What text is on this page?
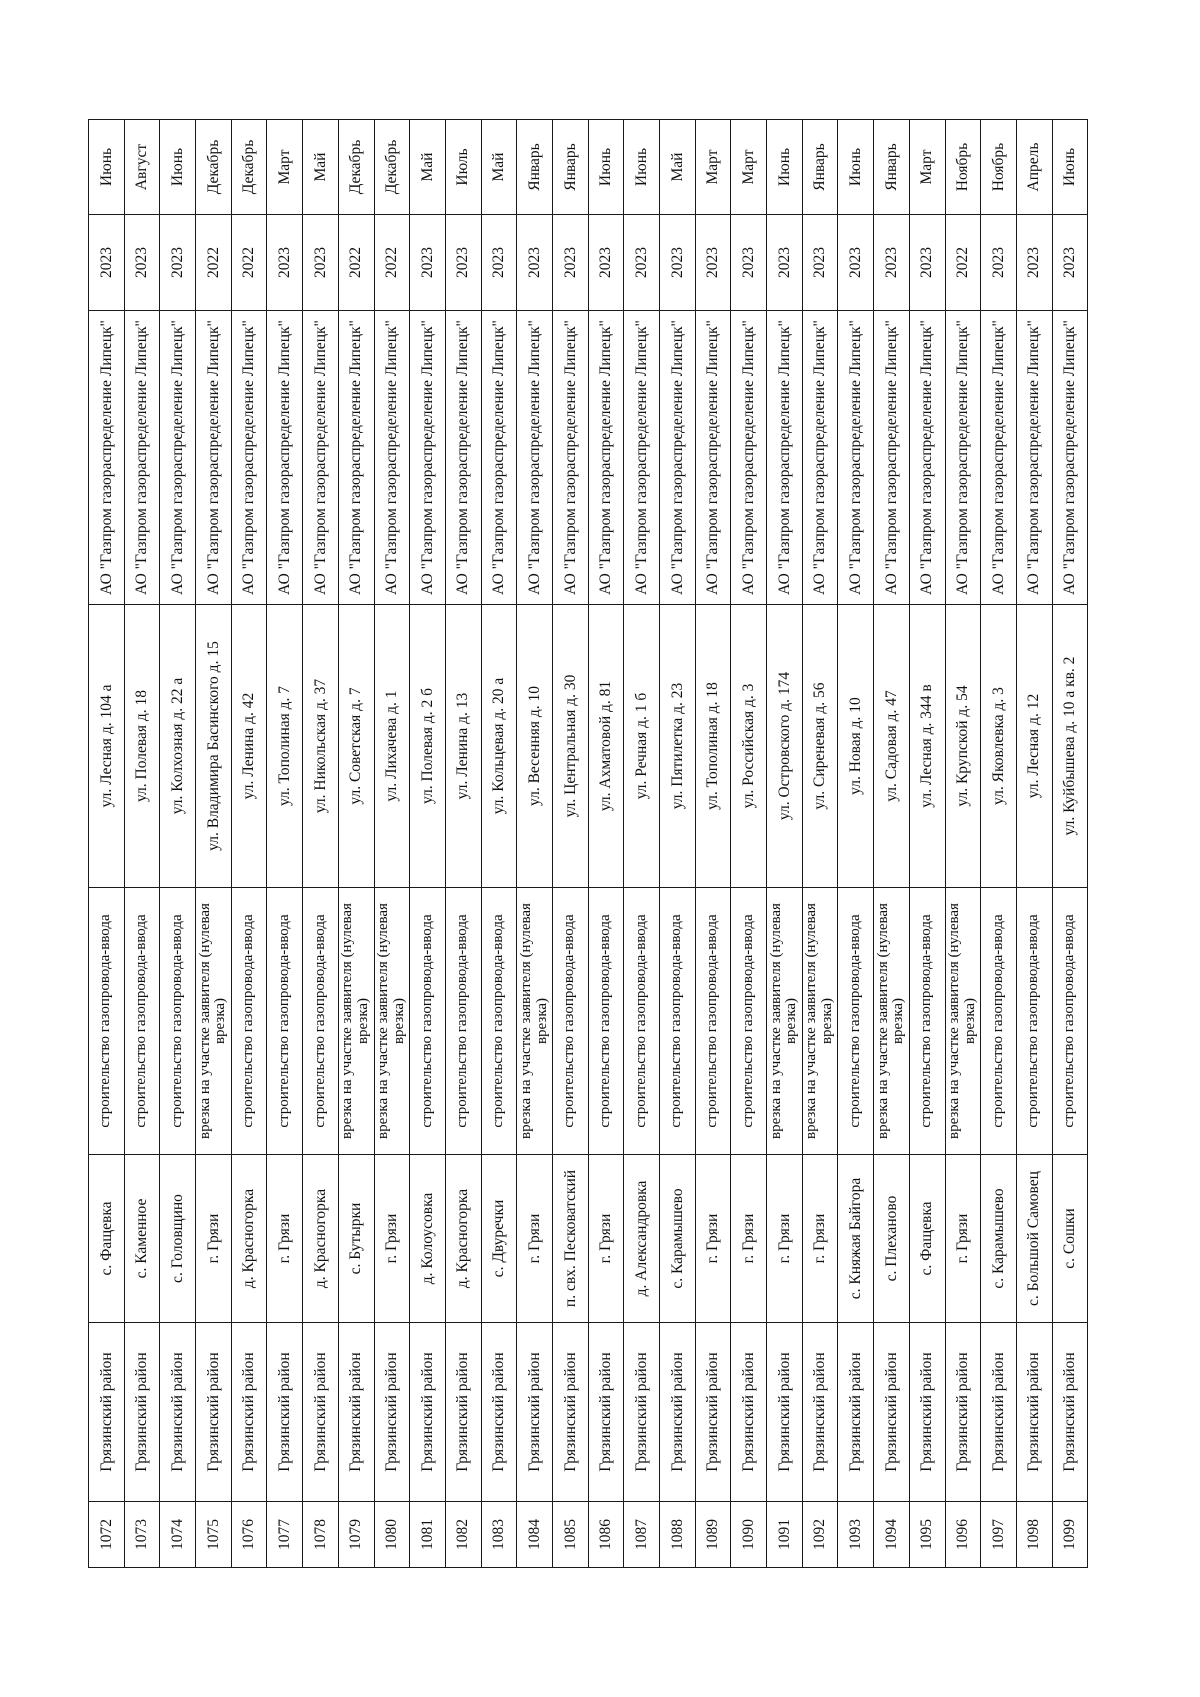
1072	Грязинский район	с. Фащевка	строительство газопровода-ввода	ул. Лесная д. 104 а	АО "Газпром газораспределение Липецк"	2023	Июнь
1073	Грязинский район	с. Каменное	строительство газопровода-ввода	ул. Полевая д. 18	АО "Газпром газораспределение Липецк"	2023	Август
1074	Грязинский район	с. Головщино	строительство газопровода-ввода	ул. Колхозная д. 22 а	АО "Газпром газораспределение Липецк"	2023	Июнь
1075	Грязинский район	г. Грязи	врезка на участке заявителя (нулевая врезка)	ул. Владимира Басинского д. 15	АО "Газпром газораспределение Липецк"	2022	Декабрь
1076	Грязинский район	д. Красногорка	строительство газопровода-ввода	ул. Ленина д. 42	АО "Газпром газораспределение Липецк"	2022	Декабрь
1077	Грязинский район	г. Грязи	строительство газопровода-ввода	ул. Тополиная д. 7	АО "Газпром газораспределение Липецк"	2023	Март
1078	Грязинский район	д. Красногорка	строительство газопровода-ввода	ул. Никольская д. 37	АО "Газпром газораспределение Липецк"	2023	Май
1079	Грязинский район	с. Бутырки	врезка на участке заявителя (нулевая врезка)	ул. Советская д. 7	АО "Газпром газораспределение Липецк"	2022	Декабрь
1080	Грязинский район	г. Грязи	врезка на участке заявителя (нулевая врезка)	ул. Лихачева д. 1	АО "Газпром газораспределение Липецк"	2022	Декабрь
1081	Грязинский район	д. Колоусовка	строительство газопровода-ввода	ул. Полевая д. 2 б	АО "Газпром газораспределение Липецк"	2023	Май
1082	Грязинский район	д. Красногорка	строительство газопровода-ввода	ул. Ленина д. 13	АО "Газпром газораспределение Липецк"	2023	Июль
1083	Грязинский район	с. Двуречки	строительство газопровода-ввода	ул. Кольцевая д. 20 а	АО "Газпром газораспределение Липецк"	2023	Май
1084	Грязинский район	г. Грязи	врезка на участке заявителя (нулевая врезка)	ул. Весенняя д. 10	АО "Газпром газораспределение Липецк"	2023	Январь
1085	Грязинский район	п. свх. Песковатский	строительство газопровода-ввода	ул. Центральная д. 30	АО "Газпром газораспределение Липецк"	2023	Январь
1086	Грязинский район	г. Грязи	строительство газопровода-ввода	ул. Ахматовой д. 81	АО "Газпром газораспределение Липецк"	2023	Июнь
1087	Грязинский район	д. Александровка	строительство газопровода-ввода	ул. Речная д. 1 б	АО "Газпром газораспределение Липецк"	2023	Июнь
1088	Грязинский район	с. Карамышево	строительство газопровода-ввода	ул. Пятилетка д. 23	АО "Газпром газораспределение Липецк"	2023	Май
1089	Грязинский район	г. Грязи	строительство газопровода-ввода	ул. Тополиная д. 18	АО "Газпром газораспределение Липецк"	2023	Март
1090	Грязинский район	г. Грязи	строительство газопровода-ввода	ул. Российская д. 3	АО "Газпром газораспределение Липецк"	2023	Март
1091	Грязинский район	г. Грязи	врезка на участке заявителя (нулевая врезка)	ул. Островского д. 174	АО "Газпром газораспределение Липецк"	2023	Июнь
1092	Грязинский район	г. Грязи	врезка на участке заявителя (нулевая врезка)	ул. Сиреневая д. 56	АО "Газпром газораспределение Липецк"	2023	Январь
1093	Грязинский район	с. Княжая Байгора	строительство газопровода-ввода	ул. Новая д. 10	АО "Газпром газораспределение Липецк"	2023	Июнь
1094	Грязинский район	с. Плеханово	врезка на участке заявителя (нулевая врезка)	ул. Садовая д. 47	АО "Газпром газораспределение Липецк"	2023	Январь
1095	Грязинский район	с. Фащевка	строительство газопровода-ввода	ул. Лесная д. 344 в	АО "Газпром газораспределение Липецк"	2023	Март
1096	Грязинский район	г. Грязи	врезка на участке заявителя (нулевая врезка)	ул. Крупской д. 54	АО "Газпром газораспределение Липецк"	2022	Ноябрь
1097	Грязинский район	с. Карамышево	строительство газопровода-ввода	ул. Яковлевка д. 3	АО "Газпром газораспределение Липецк"	2023	Ноябрь
1098	Грязинский район	с. Большой Самовец	строительство газопровода-ввода	ул. Лесная д. 12	АО "Газпром газораспределение Липецк"	2023	Апрель
1099	Грязинский район	с. Сошки	строительство газопровода-ввода	ул. Куйбышева д. 10 а кв. 2	АО "Газпром газораспределение Липецк"	2023	Июнь
